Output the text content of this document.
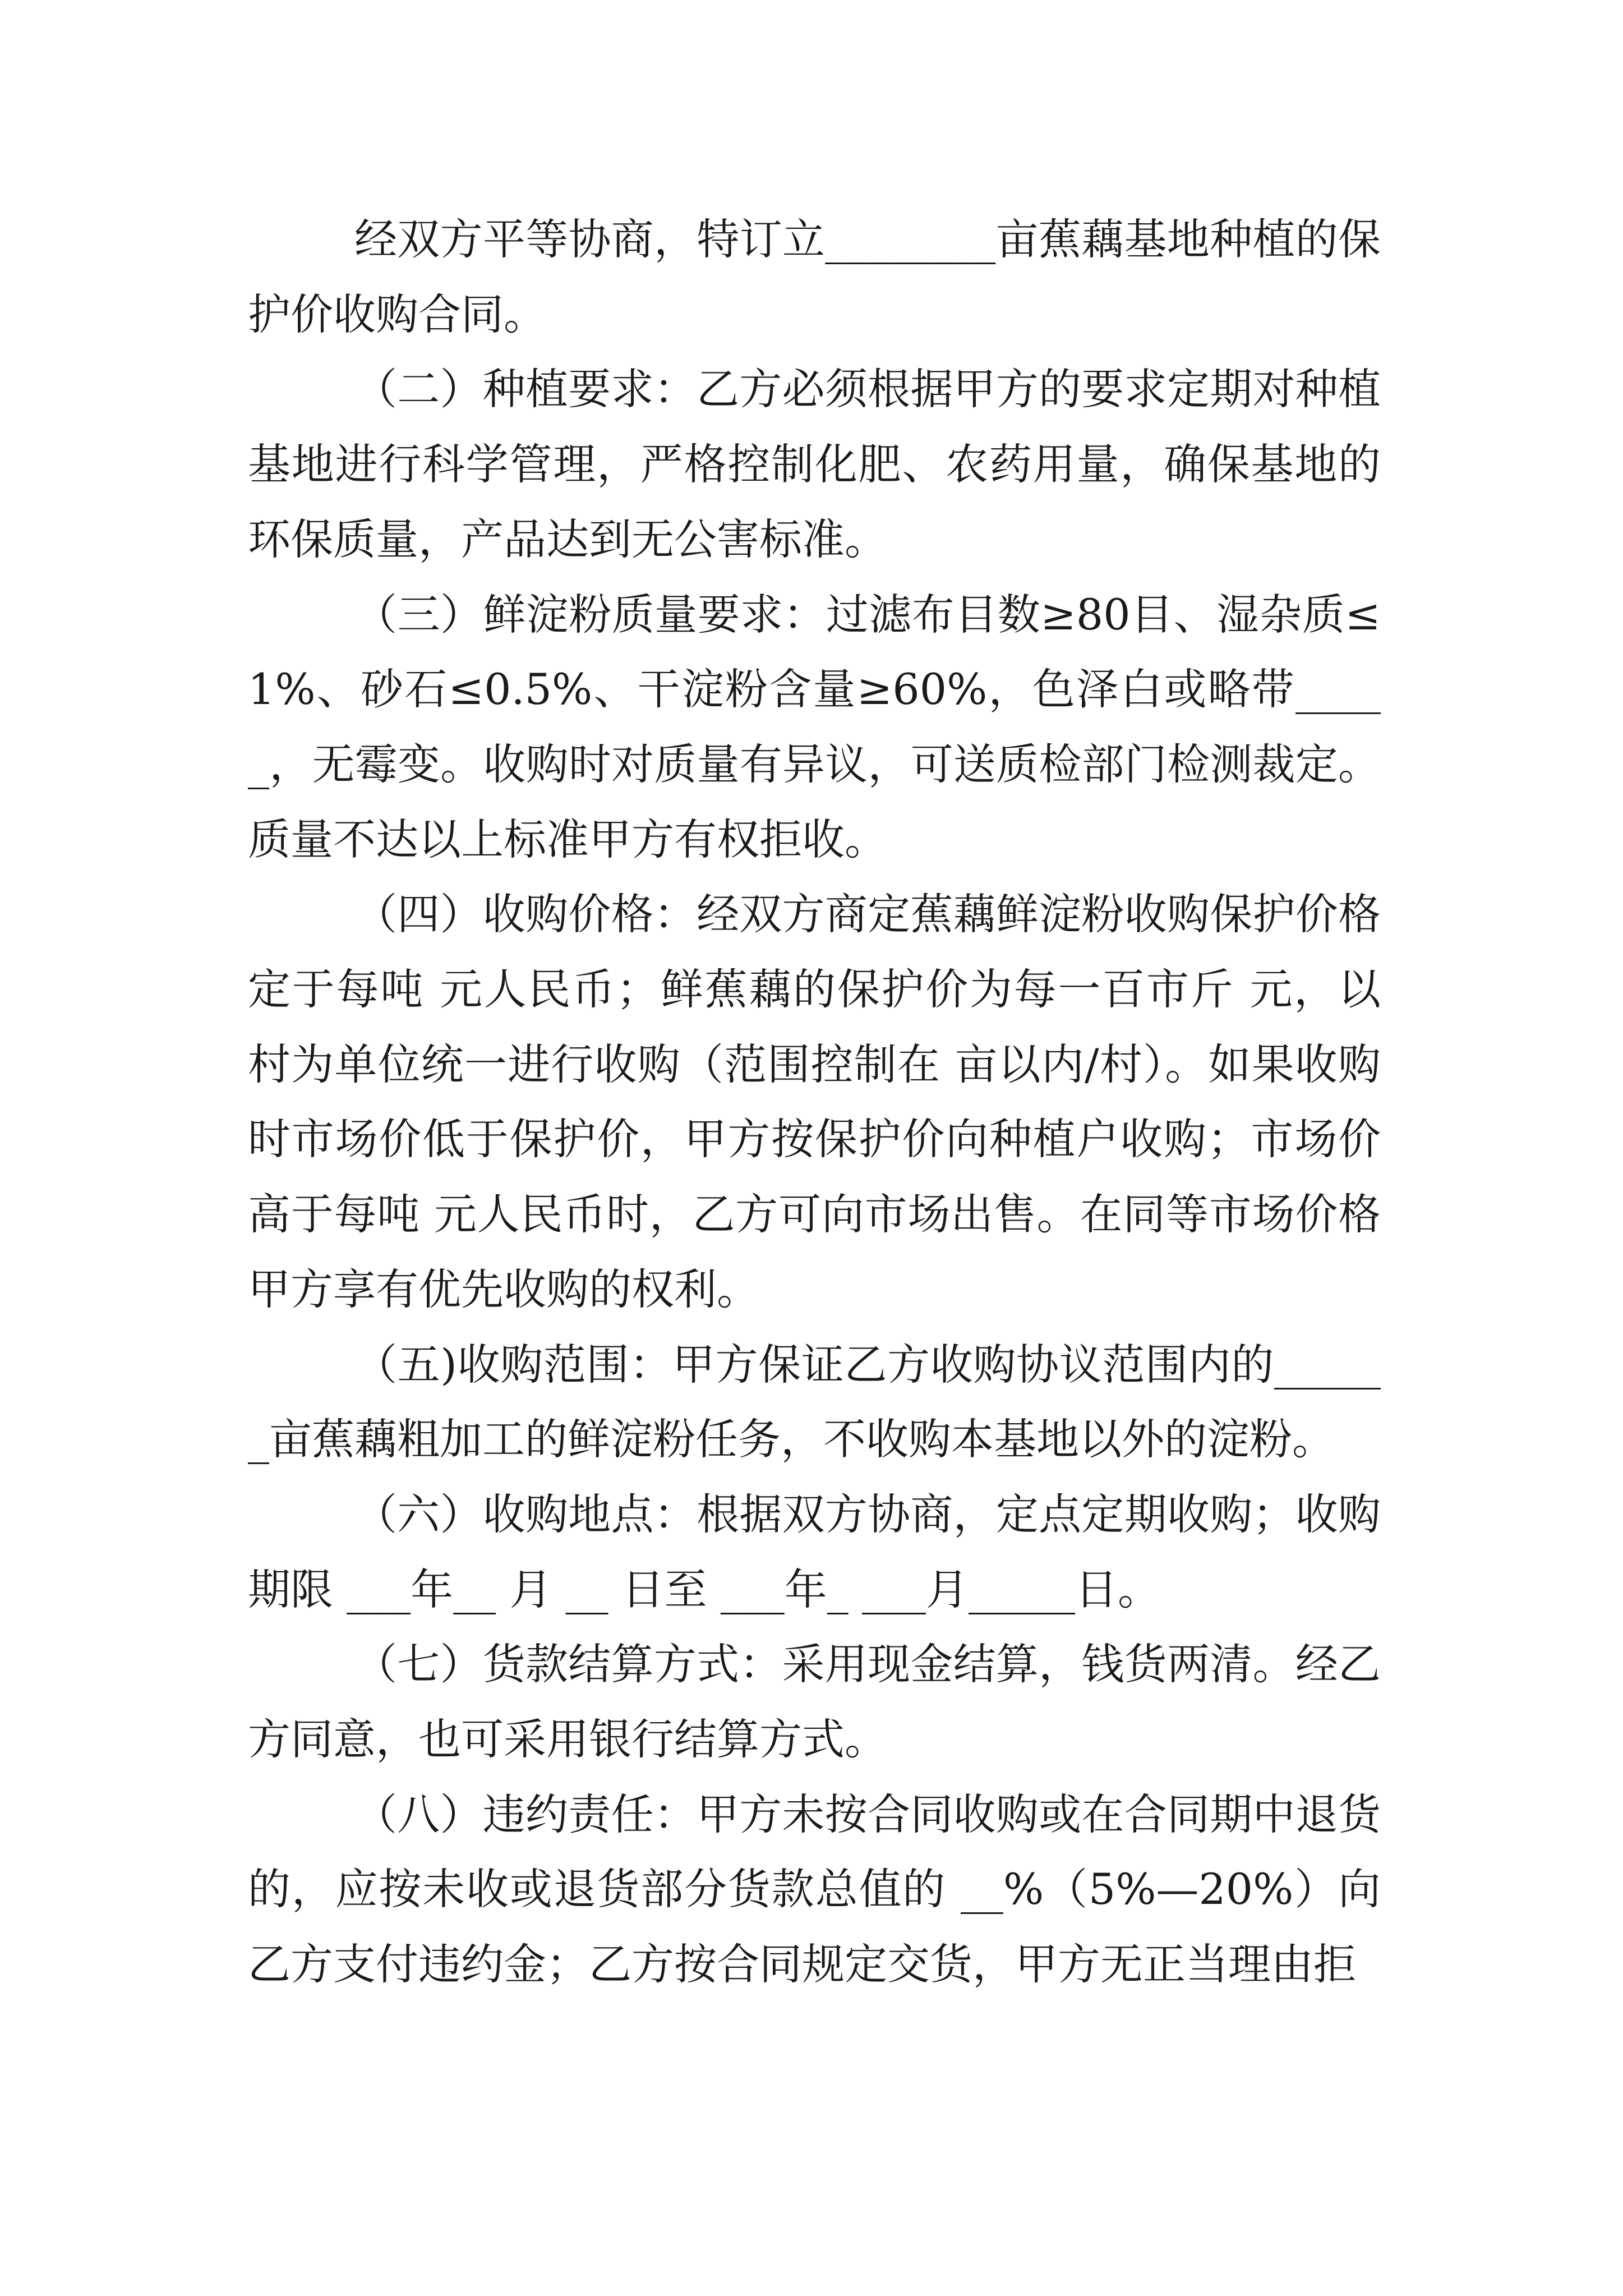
经双方平等协商，特订立________亩蕉藕基地种植的保护价收购合同。

（二）种植要求：乙方必须根据甲方的要求定期对种植基地进行科学管理，严格控制化肥、农药用量，确保基地的环保质量，产品达到无公害标准。

（三）鲜淀粉质量要求：过滤布目数≥80目、湿杂质≤1%、砂石≤0.5%、干淀粉含量≥60%，色泽白或略带_____，无霉变。收购时对质量有异议，可送质检部门检测裁定。质量不达以上标准甲方有权拒收。

（四）收购价格：经双方商定蕉藕鲜淀粉收购保护价格定于每吨 元人民币；鲜蕉藕的保护价为每一百市斤 元，以村为单位统一进行收购（范围控制在 亩以内/村）。如果收购时市场价低于保护价，甲方按保护价向种植户收购；市场价高于每吨 元人民币时，乙方可向市场出售。在同等市场价格甲方享有优先收购的权利。

（五)收购范围：甲方保证乙方收购协议范围内的______亩蕉藕粗加工的鲜淀粉任务，不收购本基地以外的淀粉。

（六）收购地点：根据双方协商，定点定期收购；收购期限 ___年__ 月 __ 日至 ___年_ ___月_____日。

（七）货款结算方式：采用现金结算，钱货两清。经乙方同意，也可采用银行结算方式。

（八）违约责任：甲方未按合同收购或在合同期中退货的，应按未收或退货部分货款总值的 __%（5%—20%）向乙方支付违约金；乙方按合同规定交货，甲方无正当理由拒
